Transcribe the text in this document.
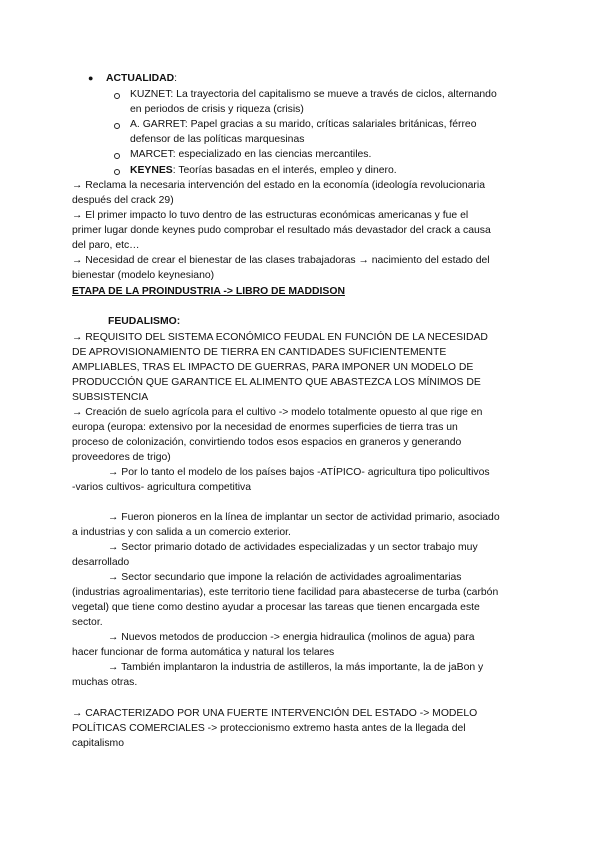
● ACTUALIDAD:
KUZNET: La trayectoria del capitalismo se mueve a través de ciclos, alternando
en periodos de crisis y riqueza (crisis)
A. GARRET: Papel gracias a su marido, críticas salariales británicas, férreo
defensor de las políticas marquesinas
MARCET: especializado en las ciencias mercantiles.
KEYNES: Teorías basadas en el interés, empleo y dinero.
→ Reclama la necesaria intervención del estado en la economía (ideología revolucionaria
después del crack 29)
→ El primer impacto lo tuvo dentro de las estructuras económicas americanas y fue el
primer lugar donde keynes pudo comprobar el resultado más devastador del crack a causa
del paro, etc…
→ Necesidad de crear el bienestar de las clases trabajadoras → nacimiento del estado del
bienestar (modelo keynesiano)
ETAPA DE LA PROINDUSTRIA -> LIBRO DE MADDISON
FEUDALISMO:
→ REQUISITO DEL SISTEMA ECONÓMICO FEUDAL EN FUNCIÓN DE LA NECESIDAD
DE APROVISIONAMIENTO DE TIERRA EN CANTIDADES SUFICIENTEMENTE
AMPLIABLES, TRAS EL IMPACTO DE GUERRAS, PARA IMPONER UN MODELO DE
PRODUCCIÓN QUE GARANTICE EL ALIMENTO QUE ABASTEZCA LOS MÍNIMOS DE
SUBSISTENCIA
→ Creación de suelo agrícola para el cultivo -> modelo totalmente opuesto al que rige en
europa (europa: extensivo por la necesidad de enormes superficies de tierra tras un
proceso de colonización, convirtiendo todos esos espacios en graneros y generando
proveedores de trigo)
→ Por lo tanto el modelo de los países bajos -ATÍPICO- agricultura tipo policultivos
-varios cultivos- agricultura competitiva
→ Fueron pioneros en la línea de implantar un sector de actividad primario, asociado
a industrias y con salida a un comercio exterior.
→ Sector primario dotado de actividades especializadas y un sector trabajo muy
desarrollado
→ Sector secundario que impone la relación de actividades agroalimentarias
(industrias agroalimentarias), este territorio tiene facilidad para abastecerse de turba (carbón
vegetal) que tiene como destino ayudar a procesar las tareas que tienen encargada este
sector.
→ Nuevos metodos de produccion -> energia hidraulica (molinos de agua) para
hacer funcionar de forma automática y natural los telares
→ También implantaron la industria de astilleros, la más importante, la de jaBon y
muchas otras.
→ CARACTERIZADO POR UNA FUERTE INTERVENCIÓN DEL ESTADO -> MODELO
POLÍTICAS COMERCIALES -> proteccionismo extremo hasta antes de la llegada del
capitalismo
